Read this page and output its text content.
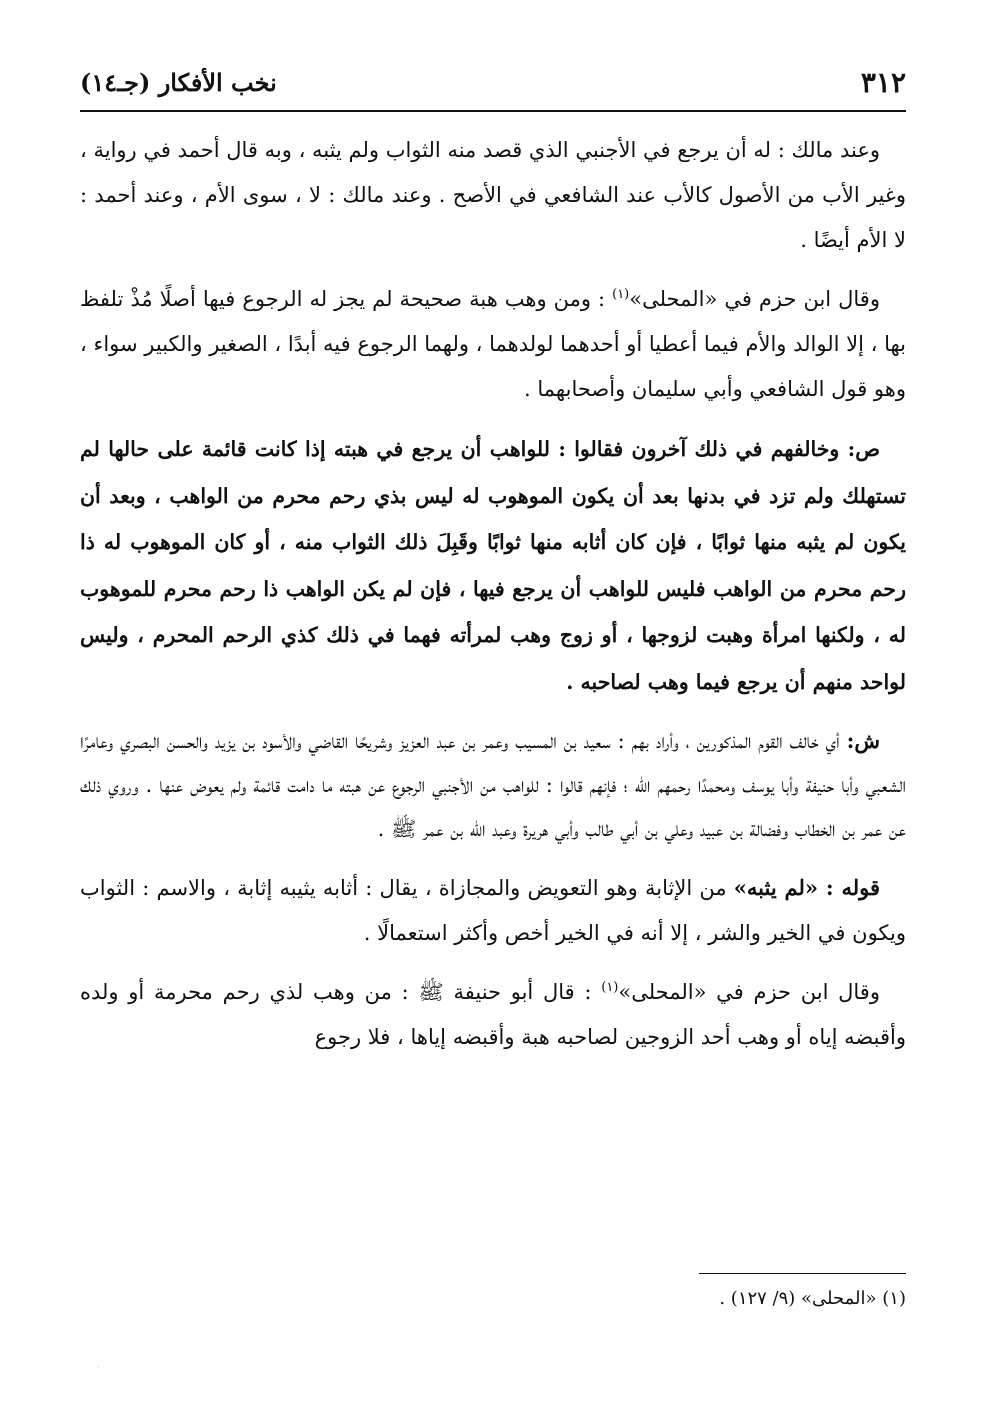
٣١٢
نخب الأفكار (جـ١٤)

وعند مالك : له أن يرجع في الأجنبي الذي قصد منه الثواب ولم يثبه ، وبه قال أحمد في رواية ، وغير الأب من الأصول كالأب عند الشافعي في الأصح . وعند مالك : لا ، سوى الأم ، وعند أحمد : لا الأم أيضًا .

وقال ابن حزم في «المحلى»$^{(١)}$ : ومن وهب هبة صحيحة لم يجز له الرجوع فيها أصلًا مُذْ تلفظ بها ، إلا الوالد والأم فيما أعطيا أو أحدهما لولدهما ، ولهما الرجوع فيه أبدًا ، الصغير والكبير سواء ، وهو قول الشافعي وأبي سليمان وأصحابهما .

ص: وخالفهم في ذلك آخرون فقالوا : للواهب أن يرجع في هبته إذا كانت قائمة على حالها لم تستهلك ولم تزد في بدنها بعد أن يكون الموهوب له ليس بذي رحم محرم من الواهب ، وبعد أن يكون لم يثبه منها ثوابًا ، فإن كان أثابه منها ثوابًا وقَبِلَ ذلك الثواب منه ، أو كان الموهوب له ذا رحم محرم من الواهب فليس للواهب أن يرجع فيها ، فإن لم يكن الواهب ذا رحم محرم للموهوب له ، ولكنها امرأة وهبت لزوجها ، أو زوج وهب لمرأته فهما في ذلك كذي الرحم المحرم ، وليس لواحد منهم أن يرجع فيما وهب لصاحبه .

ش: أي خالف القوم المذكورين ، وأراد بهم : سعيد بن المسيب وعمر بن عبد العزيز وشريحًا القاضي والأسود بن يزيد والحسن البصري وعامرًا الشعبي وأبا حنيفة وأبا يوسف ومحمدًا رحمهم الله ؛ فإنهم قالوا : للواهب من الأجنبي الرجوع عن هبته ما دامت قائمة ولم يعوض عنها . وروي ذلك عن عمر بن الخطاب وفضالة بن عبيد وعلي بن أبي طالب وأبي هريرة وعبد الله بن عمر ﷺ .

قوله : «لم يثبه» من الإثابة وهو التعويض والمجازاة ، يقال : أثابه يثيبه إثابة ، والاسم : الثواب ويكون في الخير والشر ، إلا أنه في الخير أخص وأكثر استعمالًا .

وقال ابن حزم في «المحلى»$^{(١)}$ : قال أبو حنيفة ﷺ : من وهب لذي رحم محرمة أو ولده وأقبضه إياه أو وهب أحد الزوجين لصاحبه هبة وأقبضه إياها ، فلا رجوع

(١) «المحلى» (٩/ ١٢٧) .

·
